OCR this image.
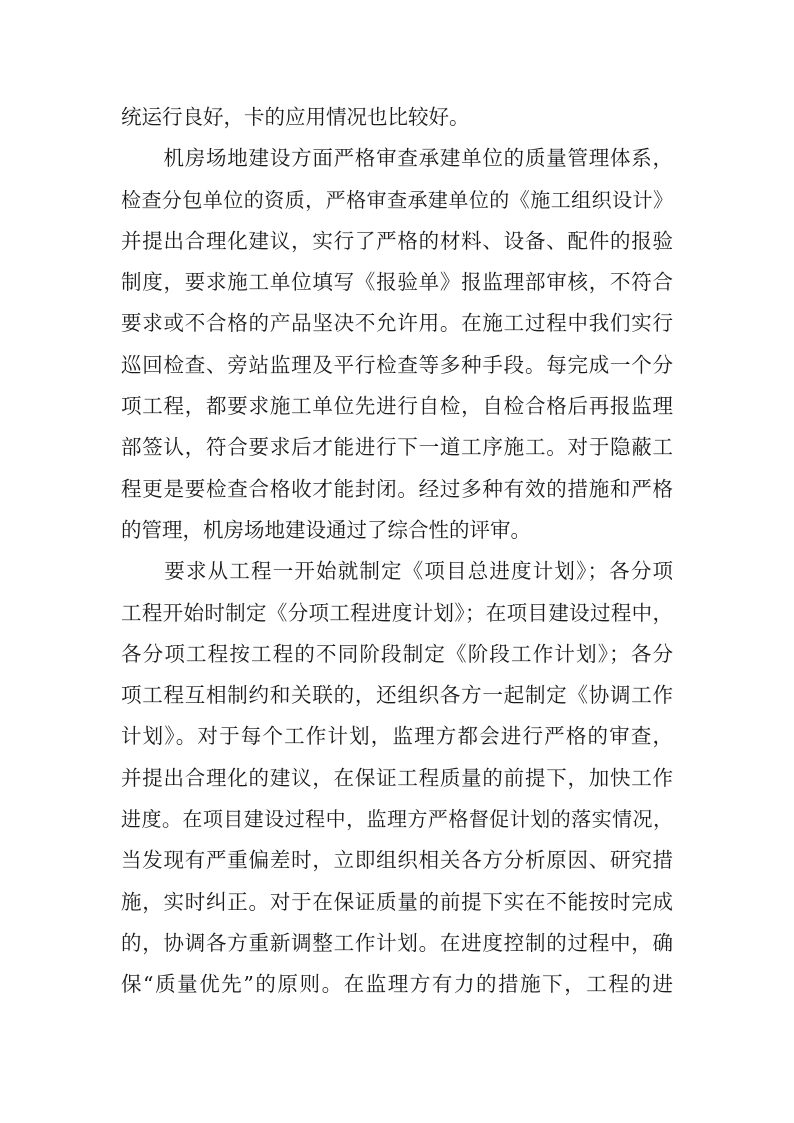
统运行良好，卡的应用情况也比较好。
　　机房场地建设方面严格审查承建单位的质量管理体系，
检查分包单位的资质，严格审查承建单位的《施工组织设计》
并提出合理化建议，实行了严格的材料、设备、配件的报验
制度，要求施工单位填写《报验单》报监理部审核，不符合
要求或不合格的产品坚决不允许用。在施工过程中我们实行
巡回检查、旁站监理及平行检查等多种手段。每完成一个分
项工程，都要求施工单位先进行自检，自检合格后再报监理
部签认，符合要求后才能进行下一道工序施工。对于隐蔽工
程更是要检查合格收才能封闭。经过多种有效的措施和严格
的管理，机房场地建设通过了综合性的评审。
　　要求从工程一开始就制定《项目总进度计划》；各分项
工程开始时制定《分项工程进度计划》；在项目建设过程中，
各分项工程按工程的不同阶段制定《阶段工作计划》；各分
项工程互相制约和关联的，还组织各方一起制定《协调工作
计划》。对于每个工作计划，监理方都会进行严格的审查，
并提出合理化的建议，在保证工程质量的前提下，加快工作
进度。在项目建设过程中，监理方严格督促计划的落实情况，
当发现有严重偏差时，立即组织相关各方分析原因、研究措
施，实时纠正。对于在保证质量的前提下实在不能按时完成
的，协调各方重新调整工作计划。在进度控制的过程中，确
保“质量优先”的原则。在监理方有力的措施下，工程的进
